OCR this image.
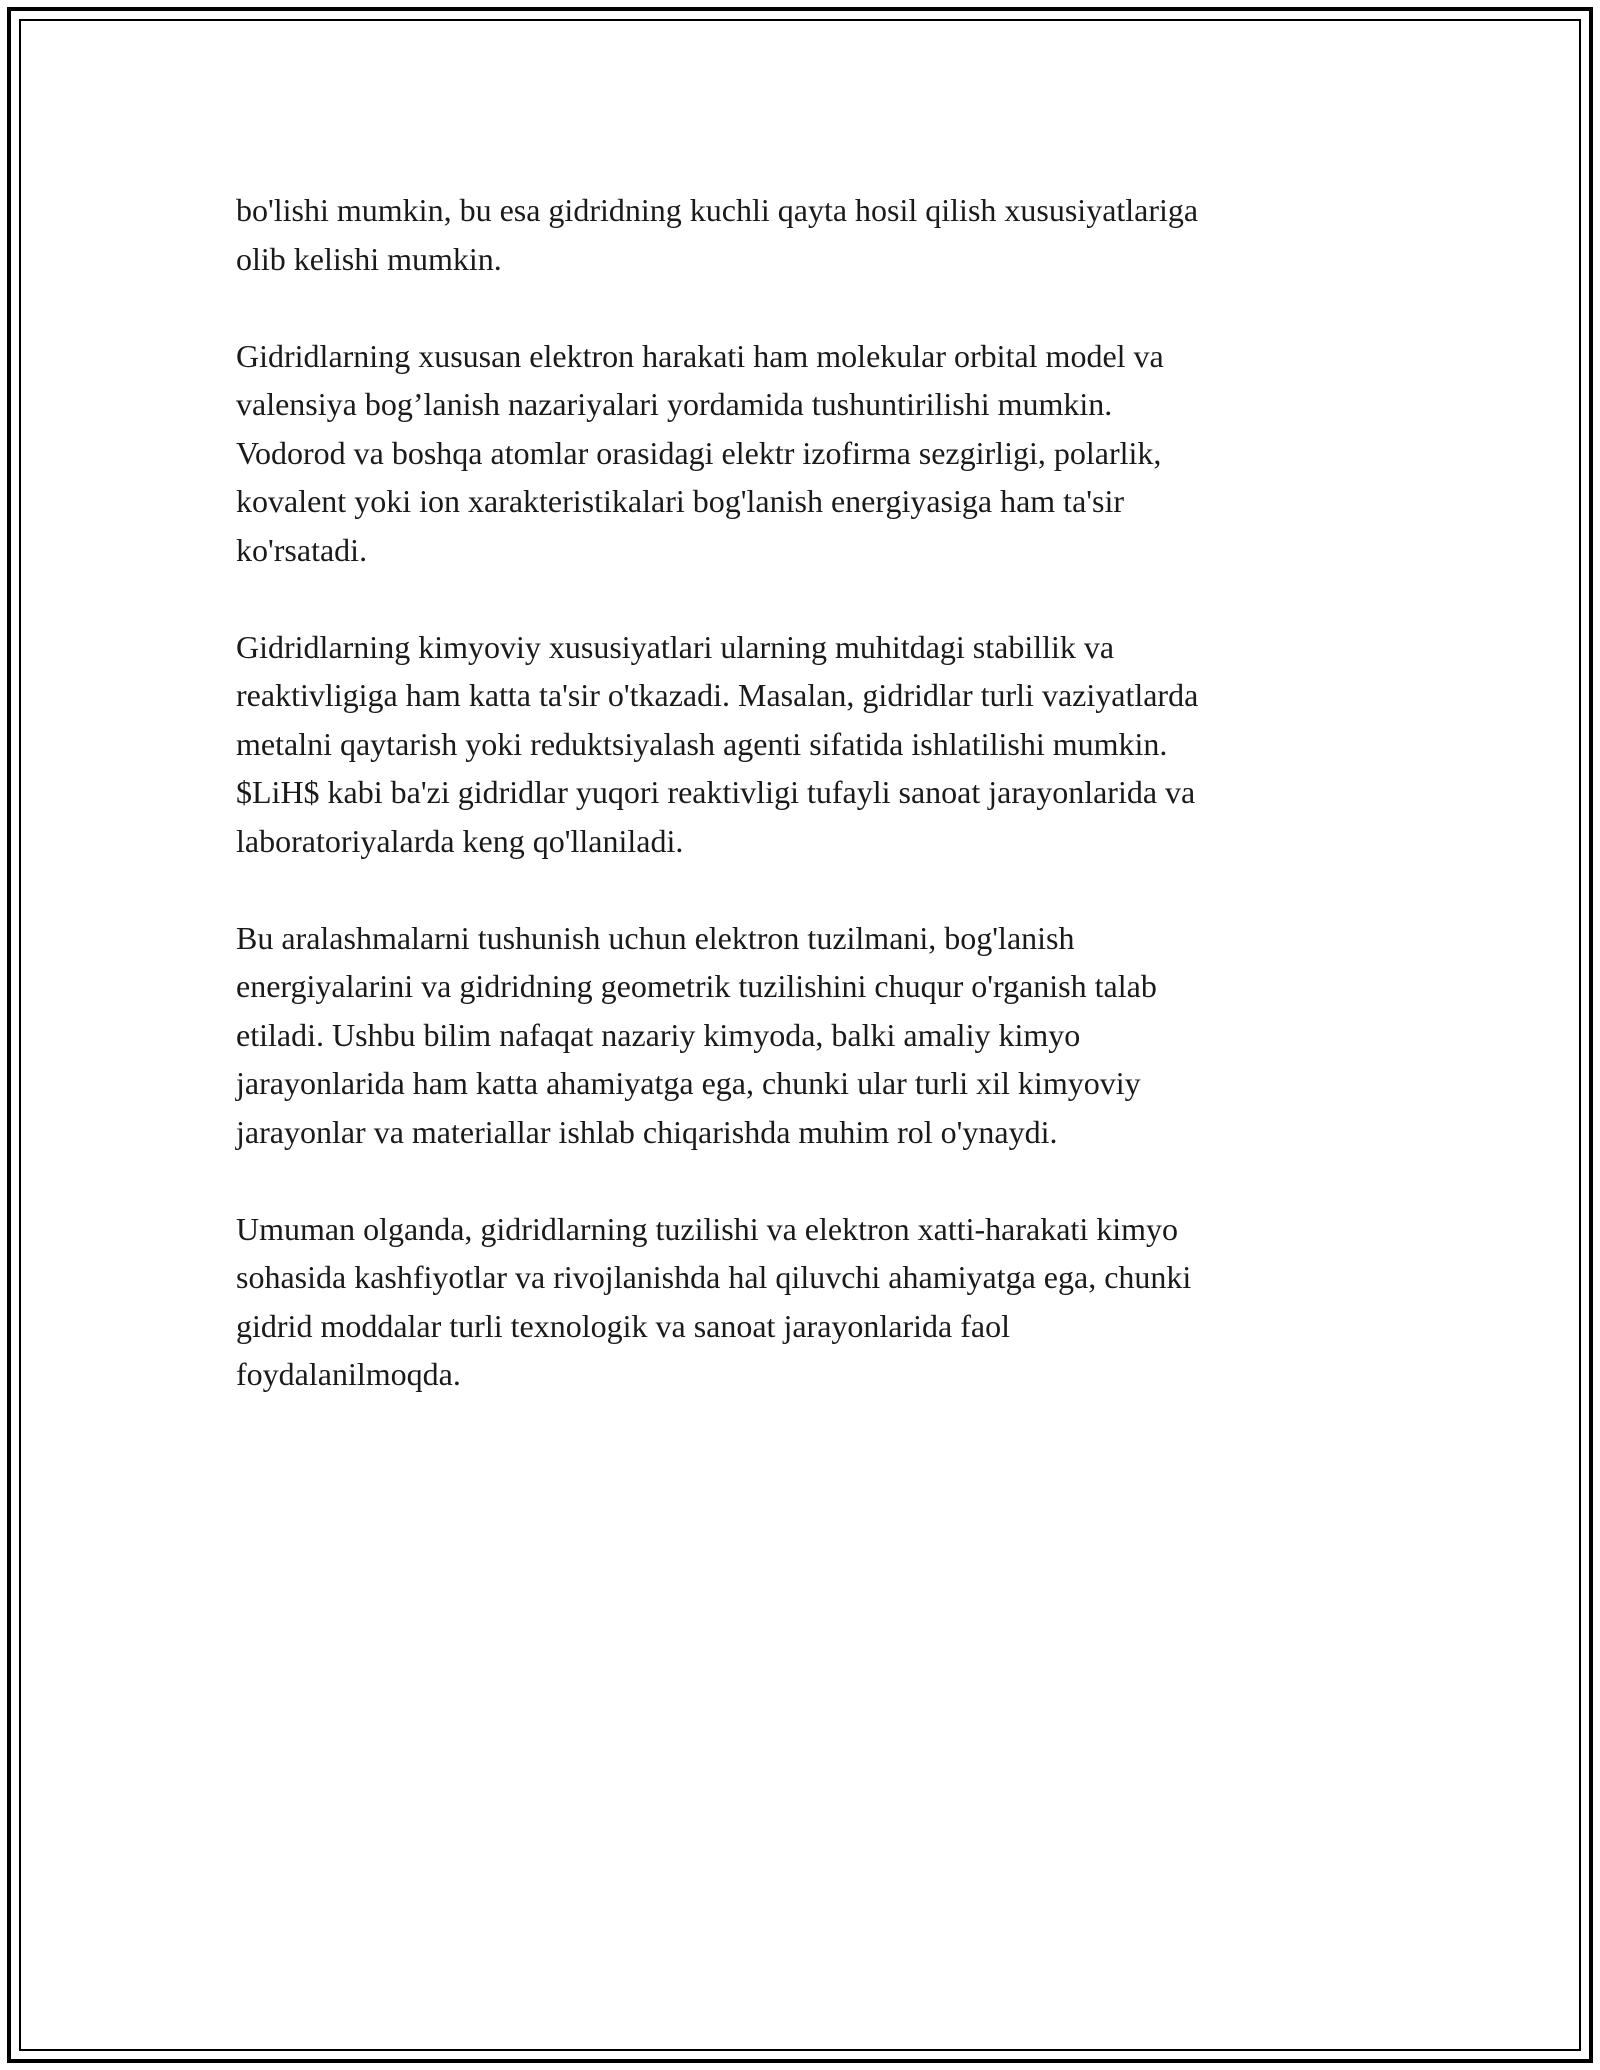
bo'lishi mumkin, bu esa gidridning kuchli qayta hosil qilish xususiyatlariga
olib kelishi mumkin.

Gidridlarning xususan elektron harakati ham molekular orbital model va
valensiya bog’lanish nazariyalari yordamida tushuntirilishi mumkin.
Vodorod va boshqa atomlar orasidagi elektr izofirma sezgirligi, polarlik,
kovalent yoki ion xarakteristikalari bog'lanish energiyasiga ham ta'sir
ko'rsatadi.

Gidridlarning kimyoviy xususiyatlari ularning muhitdagi stabillik va
reaktivligiga ham katta ta'sir o'tkazadi. Masalan, gidridlar turli vaziyatlarda
metalni qaytarish yoki reduktsiyalash agenti sifatida ishlatilishi mumkin.
$LiH$ kabi ba'zi gidridlar yuqori reaktivligi tufayli sanoat jarayonlarida va
laboratoriyalarda keng qo'llaniladi.

Bu aralashmalarni tushunish uchun elektron tuzilmani, bog'lanish
energiyalarini va gidridning geometrik tuzilishini chuqur o'rganish talab
etiladi. Ushbu bilim nafaqat nazariy kimyoda, balki amaliy kimyo
jarayonlarida ham katta ahamiyatga ega, chunki ular turli xil kimyoviy
jarayonlar va materiallar ishlab chiqarishda muhim rol o'ynaydi.

Umuman olganda, gidridlarning tuzilishi va elektron xatti-harakati kimyo
sohasida kashfiyotlar va rivojlanishda hal qiluvchi ahamiyatga ega, chunki
gidrid moddalar turli texnologik va sanoat jarayonlarida faol
foydalanilmoqda.
